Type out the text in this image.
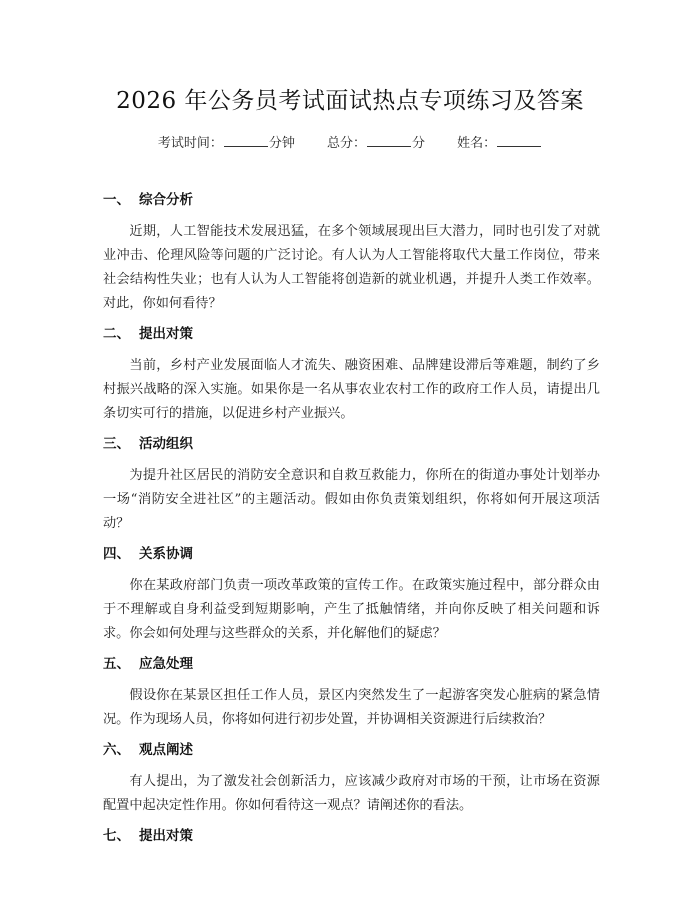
2026 年公务员考试面试热点专项练习及答案
考试时间：	分钟 总分：	分 姓名：
一、 综合分析

近期，人工智能技术发展迅猛，在多个领域展现出巨大潜力，同时也引发了对就业冲击、伦理风险等问题的广泛讨论。有人认为人工智能将取代大量工作岗位，带来社会结构性失业；也有人认为人工智能将创造新的就业机遇，并提升人类工作效率。对此，你如何看待？

二、 提出对策

当前，乡村产业发展面临人才流失、融资困难、品牌建设滞后等难题，制约了乡村振兴战略的深入实施。如果你是一名从事农业农村工作的政府工作人员，请提出几条切实可行的措施，以促进乡村产业振兴。

三、 活动组织

为提升社区居民的消防安全意识和自救互救能力，你所在的街道办事处计划举办一场“消防安全进社区”的主题活动。假如由你负责策划组织，你将如何开展这项活动？

四、 关系协调

你在某政府部门负责一项改革政策的宣传工作。在政策实施过程中，部分群众由于不理解或自身利益受到短期影响，产生了抵触情绪，并向你反映了相关问题和诉求。你会如何处理与这些群众的关系，并化解他们的疑虑？

五、 应急处理

假设你在某景区担任工作人员，景区内突然发生了一起游客突发心脏病的紧急情况。作为现场人员，你将如何进行初步处置，并协调相关资源进行后续救治？

六、 观点阐述

有人提出，为了激发社会创新活力，应该减少政府对市场的干预，让市场在资源配置中起决定性作用。你如何看待这一观点？请阐述你的看法。

七、 提出对策
